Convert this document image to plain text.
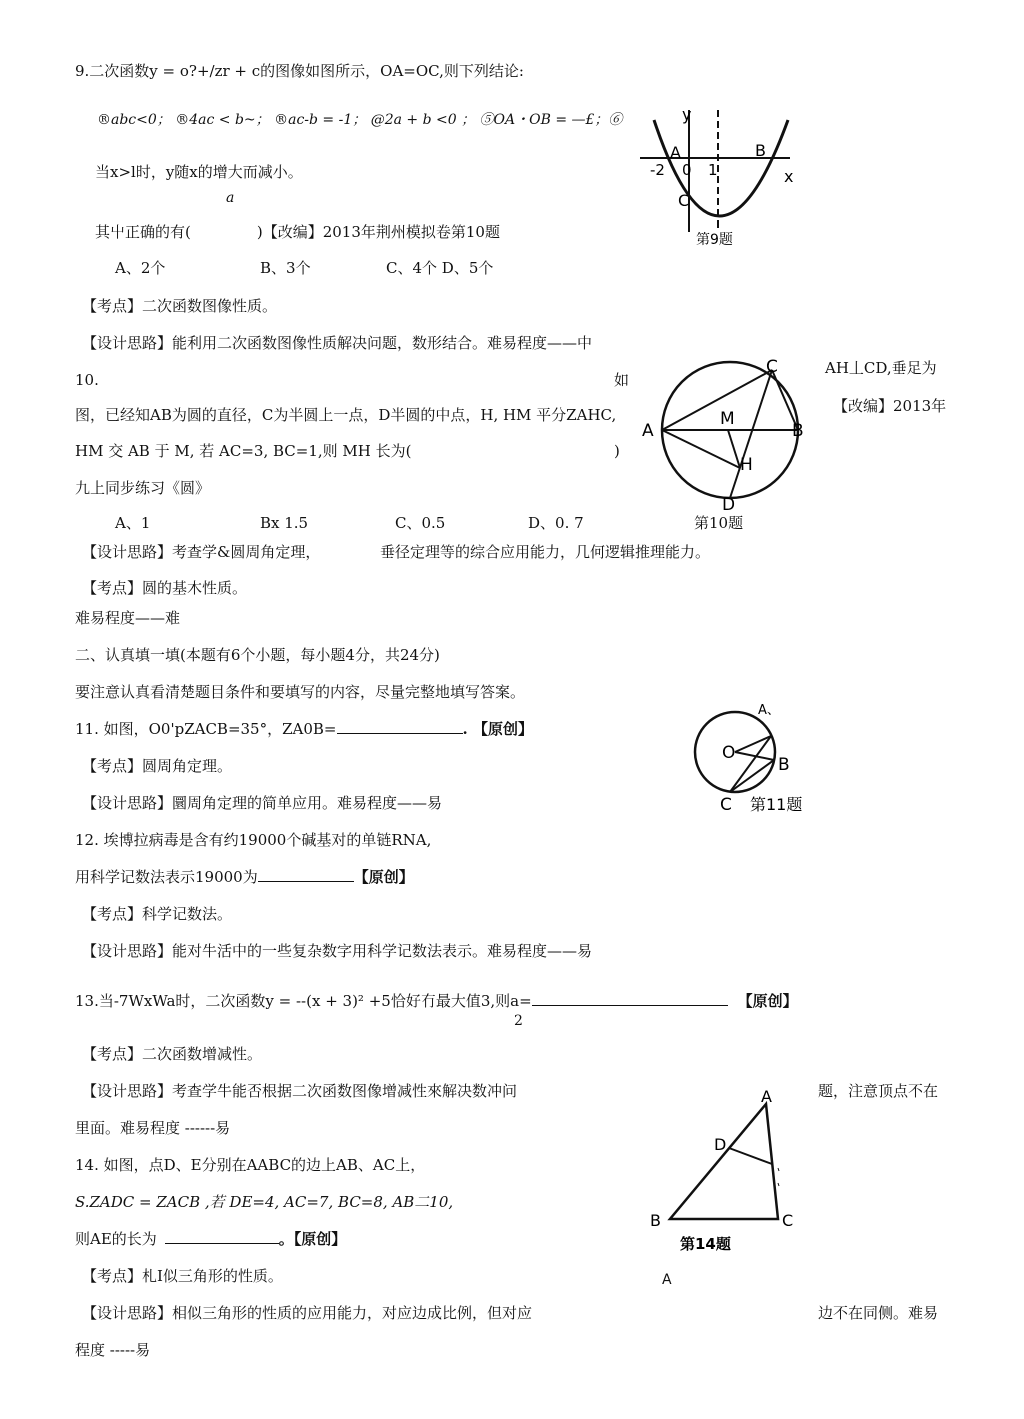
9.二次函数y = o?+/zr + c的图像如图所示，OA=OC,则下列结论:
®abc<0； ®4ac < b~； ®ac-b = -1； @2a + b <0 ； ⑤OA・OB = —£；⑥
当x>l时，y随x的增大而减小。
a
其屮正确的有(	)【改编】2013年荆州模拟卷第10题
A、2个	B、3个	C、4个 D、5个
【考点】二次函数图像性质。
【设计思路】能利用二次函数图像性质解决问题，数形结合。难易程度——中
y
x
A	B
C
-2 0 1
第9题
10.	如
AH丄CD,垂足为
【改编】2013年
图，已经知AB为圆的直径，C为半圆上一点，D半圆的中点，H, HM 平分ZAHC,
HM 交 AB 于 M, 若 AC=3, BC=1,则 MH 长为(	)
九上同步练习《圆》
A、1	Bx 1.5	C、0.5	D、0. 7	第10题
【设计思路】考查学&圆周角定理，	垂径定理等的综合应用能力，几何逻辑推理能力。
【考点】圆的基木性质。
难易程度——难
A	B
C
D
M
H
二、认真填一填(本题有6个小题，每小题4分，共24分)
要注意认真看清楚题目条件和要填写的内容，尽量完整地填写答案。
11. 如图，O0'pZACB=35°，ZA0B=	. 【原创】
【考点】圆周角定理。
【设计思路】圜周角定理的简单应用。难易程度——易
A、
O
B
C 第11题
12. 埃博拉病毒是含有约19000个碱基对的单链RNA,
用科学记数法表示19000为	【原创】
【考点】科学记数法。
【设计思路】能对牛活中的一些复杂数字用科学记数法表示。难易程度——易
13.当-7WxWa时，二次函数y = --(x + 3)² +5恰好冇最大值3,则a=	【原创】
2
【考点】二次函数增减性。
【设计思路】考查学牛能否根据二次函数图像增减性來解决数冲问	题，注意顶点不在
里面。难易程度 ------易
14. 如图，点D、E分别在AABC的边上AB、AC上，
S.ZADC = ZACB ,若 DE=4, AC=7, BC=8, AB二10,
则AE的长为	。【原创】
【考点】札I似三角形的性质。	A
【设计思路】相似三角形的性质的应用能力，对应边成比例，但对应	边不在同侧。难易
程度 -----易
A
D
B	C
第14题
